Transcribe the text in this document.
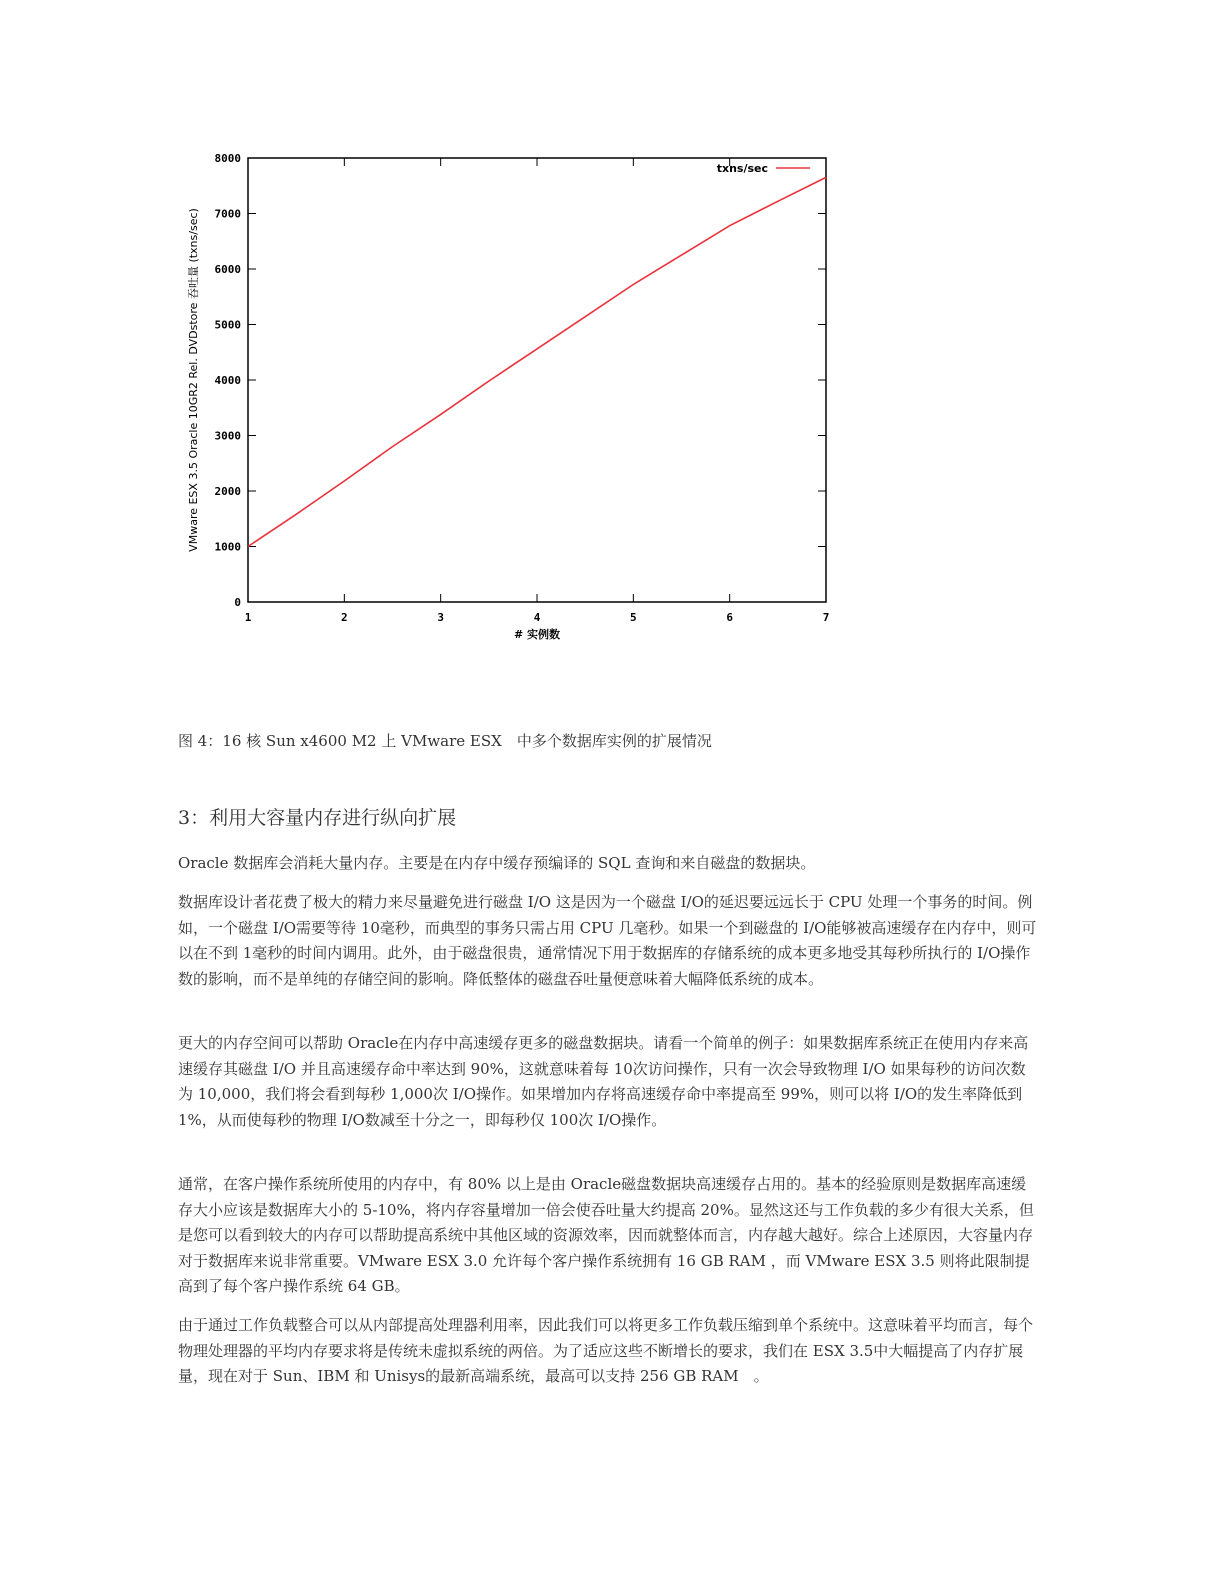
0
1000
2000
3000
4000
5000
6000
7000
8000
1	2	3	4	5	6	7
txns/sec
# 实例数
VMware ESX 3.5 Oracle 10GR2 Rel. DVDstore 吞吐量 (txns/sec)
图 4：16 核 Sun x4600 M2 上 VMware ESX　中多个数据库实例的扩展情况
3：利用大容量内存进行纵向扩展

Oracle 数据库会消耗大量内存。主要是在内存中缓存预编译的 SQL 查询和来自磁盘的数据块。

数据库设计者花费了极大的精力来尽量避免进行磁盘 I/O 这是因为一个磁盘 I/O的延迟要远远长于 CPU 处理一个事务的时间。例如，一个磁盘 I/O需要等待 10毫秒，而典型的事务只需占用 CPU 几毫秒。如果一个到磁盘的 I/O能够被高速缓存在内存中，则可以在不到 1毫秒的时间内调用。此外，由于磁盘很贵，通常情况下用于数据库的存储系统的成本更多地受其每秒所执行的 I/O操作数的影响，而不是单纯的存储空间的影响。降低整体的磁盘吞吐量便意味着大幅降低系统的成本。

更大的内存空间可以帮助 Oracle在内存中高速缓存更多的磁盘数据块。请看一个简单的例子：如果数据库系统正在使用内存来高速缓存其磁盘 I/O 并且高速缓存命中率达到 90%，这就意味着每 10次访问操作，只有一次会导致物理 I/O 如果每秒的访问次数为 10,000，我们将会看到每秒 1,000次 I/O操作。如果增加内存将高速缓存命中率提高至 99%，则可以将 I/O的发生率降低到 1%，从而使每秒的物理 I/O数减至十分之一，即每秒仅 100次 I/O操作。

通常，在客户操作系统所使用的内存中，有 80% 以上是由 Oracle磁盘数据块高速缓存占用的。基本的经验原则是数据库高速缓存大小应该是数据库大小的 5-10%，将内存容量增加一倍会使吞吐量大约提高 20%。显然这还与工作负载的多少有很大关系，但是您可以看到较大的内存可以帮助提高系统中其他区域的资源效率，因而就整体而言，内存越大越好。综合上述原因，大容量内存对于数据库来说非常重要。VMware ESX 3.0 允许每个客户操作系统拥有 16 GB RAM ，而 VMware ESX 3.5 则将此限制提高到了每个客户操作系统 64 GB。

由于通过工作负载整合可以从内部提高处理器利用率，因此我们可以将更多工作负载压缩到单个系统中。这意味着平均而言，每个物理处理器的平均内存要求将是传统未虚拟系统的两倍。为了适应这些不断增长的要求，我们在 ESX 3.5中大幅提高了内存扩展量，现在对于 Sun、IBM 和 Unisys的最新高端系统，最高可以支持 256 GB RAM　。
